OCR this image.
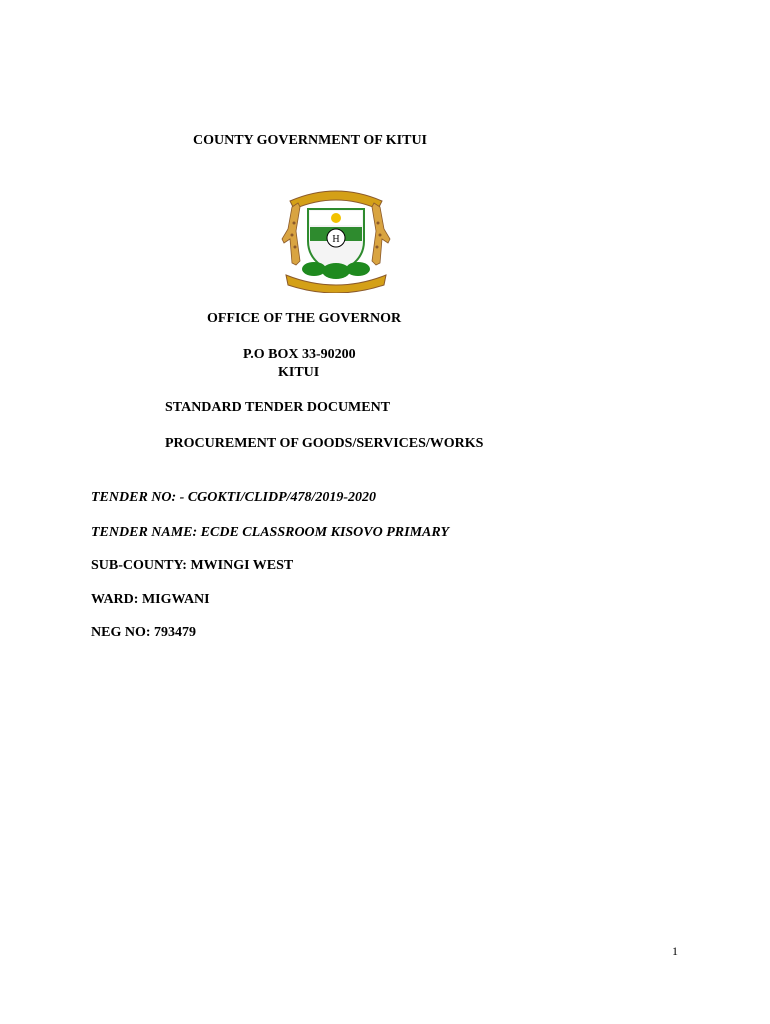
COUNTY GOVERNMENT OF KITUI
H
OFFICE OF THE GOVERNOR
P.O BOX 33-90200
KITUI
STANDARD TENDER DOCUMENT
PROCUREMENT OF GOODS/SERVICES/WORKS
TENDER NO: - CGOKTI/CLIDP/478/2019-2020
TENDER NAME: ECDE CLASSROOM KISOVO PRIMARY
SUB-COUNTY: MWINGI WEST
WARD: MIGWANI
NEG NO: 793479
1
